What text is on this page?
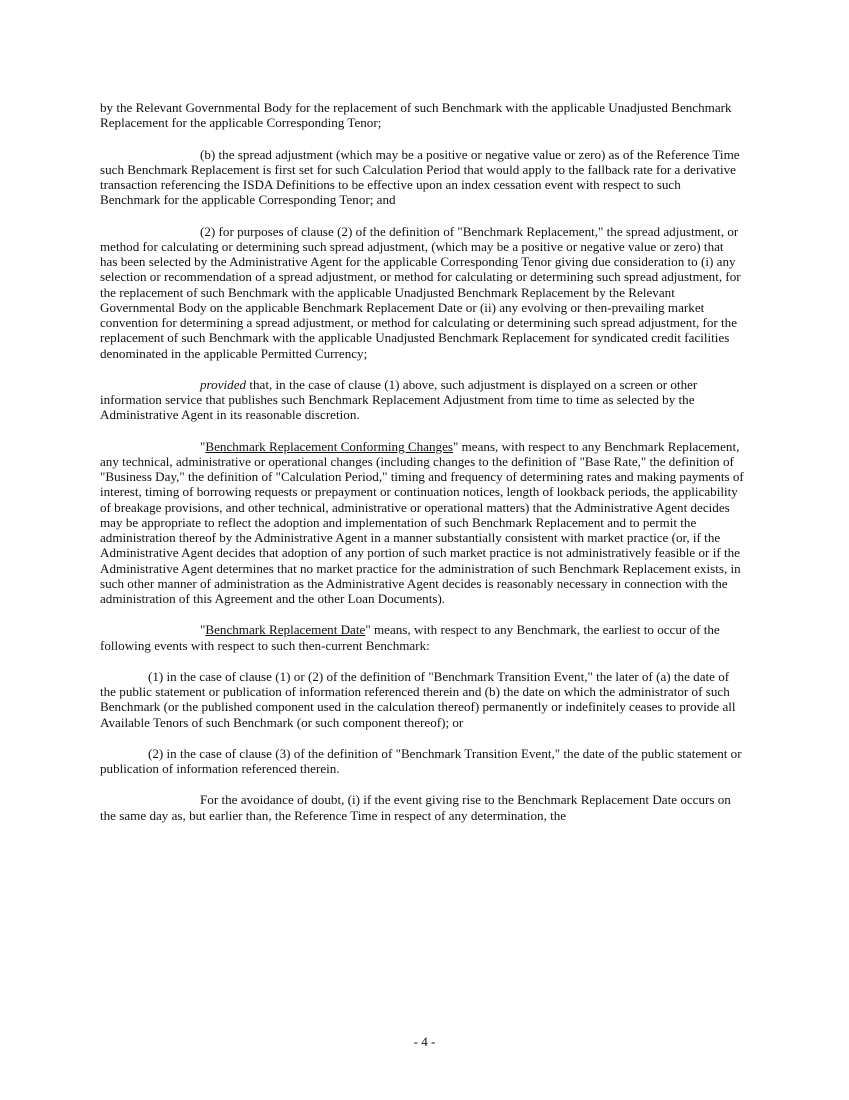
by the Relevant Governmental Body for the replacement of such Benchmark with the applicable Unadjusted Benchmark Replacement for the applicable Corresponding Tenor;

(b) the spread adjustment (which may be a positive or negative value or zero) as of the Reference Time such Benchmark Replacement is first set for such Calculation Period that would apply to the fallback rate for a derivative transaction referencing the ISDA Definitions to be effective upon an index cessation event with respect to such Benchmark for the applicable Corresponding Tenor; and

(2) for purposes of clause (2) of the definition of "Benchmark Replacement," the spread adjustment, or method for calculating or determining such spread adjustment, (which may be a positive or negative value or zero) that has been selected by the Administrative Agent for the applicable Corresponding Tenor giving due consideration to (i) any selection or recommendation of a spread adjustment, or method for calculating or determining such spread adjustment, for the replacement of such Benchmark with the applicable Unadjusted Benchmark Replacement by the Relevant Governmental Body on the applicable Benchmark Replacement Date or (ii) any evolving or then-prevailing market convention for determining a spread adjustment, or method for calculating or determining such spread adjustment, for the replacement of such Benchmark with the applicable Unadjusted Benchmark Replacement for syndicated credit facilities denominated in the applicable Permitted Currency;

provided that, in the case of clause (1) above, such adjustment is displayed on a screen or other information service that publishes such Benchmark Replacement Adjustment from time to time as selected by the Administrative Agent in its reasonable discretion.

"Benchmark Replacement Conforming Changes" means, with respect to any Benchmark Replacement, any technical, administrative or operational changes (including changes to the definition of "Base Rate," the definition of "Business Day," the definition of "Calculation Period," timing and frequency of determining rates and making payments of interest, timing of borrowing requests or prepayment or continuation notices, length of lookback periods, the applicability of breakage provisions, and other technical, administrative or operational matters) that the Administrative Agent decides may be appropriate to reflect the adoption and implementation of such Benchmark Replacement and to permit the administration thereof by the Administrative Agent in a manner substantially consistent with market practice (or, if the Administrative Agent decides that adoption of any portion of such market practice is not administratively feasible or if the Administrative Agent determines that no market practice for the administration of such Benchmark Replacement exists, in such other manner of administration as the Administrative Agent decides is reasonably necessary in connection with the administration of this Agreement and the other Loan Documents).

"Benchmark Replacement Date" means, with respect to any Benchmark, the earliest to occur of the following events with respect to such then-current Benchmark:

(1) in the case of clause (1) or (2) of the definition of "Benchmark Transition Event," the later of (a) the date of the public statement or publication of information referenced therein and (b) the date on which the administrator of such Benchmark (or the published component used in the calculation thereof) permanently or indefinitely ceases to provide all Available Tenors of such Benchmark (or such component thereof); or

(2) in the case of clause (3) of the definition of "Benchmark Transition Event," the date of the public statement or publication of information referenced therein.

For the avoidance of doubt, (i) if the event giving rise to the Benchmark Replacement Date occurs on the same day as, but earlier than, the Reference Time in respect of any determination, the

- 4 -
